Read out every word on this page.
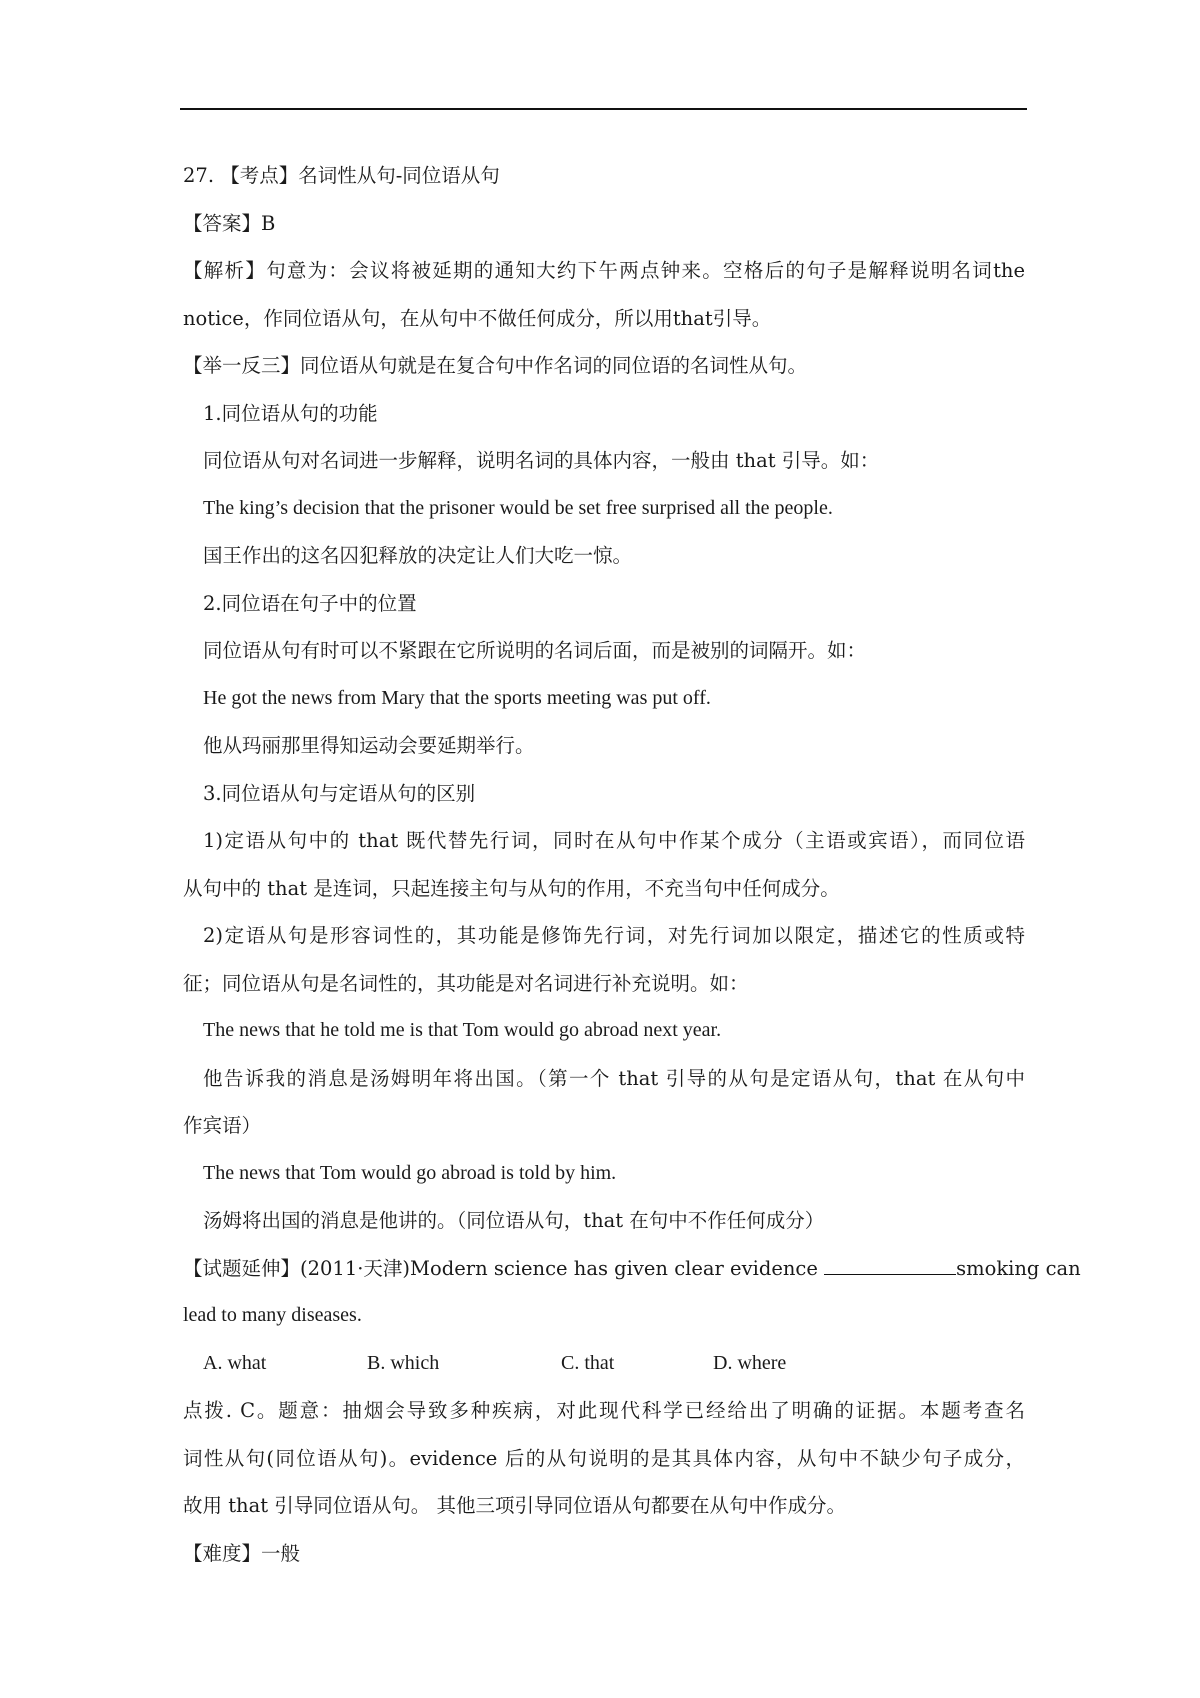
27. 【考点】名词性从句-同位语从句
【答案】B
【解析】句意为：会议将被延期的通知大约下午两点钟来。空格后的句子是解释说明名词the
notice，作同位语从句，在从句中不做任何成分，所以用that引导。
【举一反三】同位语从句就是在复合句中作名词的同位语的名词性从句。
1.同位语从句的功能
同位语从句对名词进一步解释，说明名词的具体内容，一般由 that 引导。如：
The king’s decision that the prisoner would be set free surprised all the people.
国王作出的这名囚犯释放的决定让人们大吃一惊。
2.同位语在句子中的位置
同位语从句有时可以不紧跟在它所说明的名词后面，而是被别的词隔开。如：
He got the news from Mary that the sports meeting was put off.
他从玛丽那里得知运动会要延期举行。
3.同位语从句与定语从句的区别
1)定语从句中的 that 既代替先行词，同时在从句中作某个成分（主语或宾语），而同位语
从句中的 that 是连词，只起连接主句与从句的作用，不充当句中任何成分。
2)定语从句是形容词性的，其功能是修饰先行词，对先行词加以限定，描述它的性质或特
征；同位语从句是名词性的，其功能是对名词进行补充说明。如：
The news that he told me is that Tom would go abroad next year.
他告诉我的消息是汤姆明年将出国。（第一个 that 引导的从句是定语从句，that 在从句中
作宾语）
The news that Tom would go abroad is told by him.
汤姆将出国的消息是他讲的。（同位语从句，that 在句中不作任何成分）
【试题延伸】(2011·天津)Modern science has given clear evidence	smoking can
lead to many diseases.
A. what	B. which	C. that	D. where
点拨. C。题意：抽烟会导致多种疾病，对此现代科学已经给出了明确的证据。本题考查名
词性从句(同位语从句)。evidence 后的从句说明的是其具体内容，从句中不缺少句子成分，
故用 that 引导同位语从句。 其他三项引导同位语从句都要在从句中作成分。
【难度】一般
